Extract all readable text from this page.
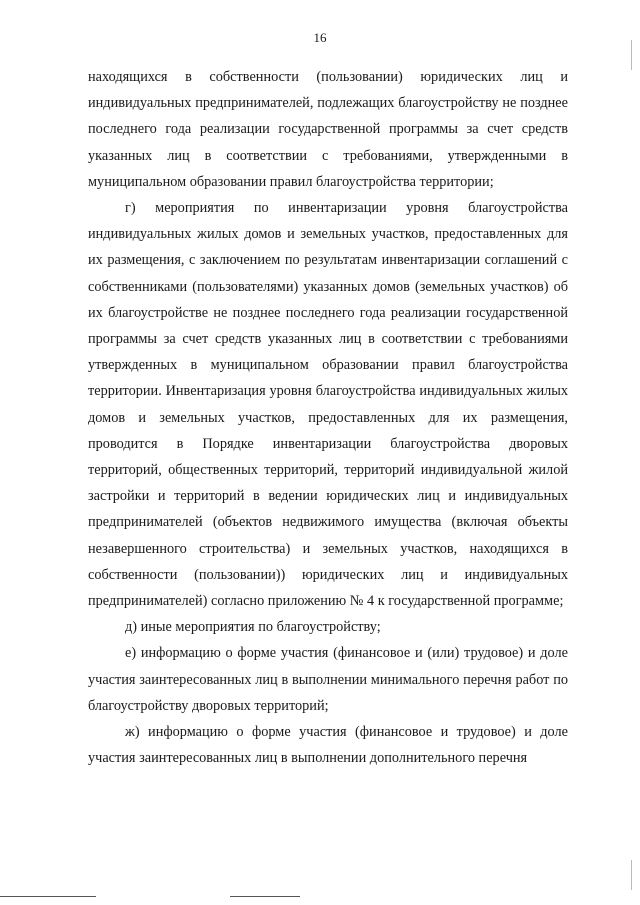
16

находящихся в собственности (пользовании) юридических лиц и индивидуальных предпринимателей, подлежащих благоустройству не позднее последнего года реализации государственной программы за счет средств указанных лиц в соответствии с требованиями, утвержденными в муниципальном образовании правил благоустройства территории;

г) мероприятия по инвентаризации уровня благоустройства индивидуальных жилых домов и земельных участков, предоставленных для их размещения, с заключением по результатам инвентаризации соглашений с собственниками (пользователями) указанных домов (земельных участков) об их благоустройстве не позднее последнего года реализации государственной программы за счет средств указанных лиц в соответствии с требованиями утвержденных в муниципальном образовании правил благоустройства территории. Инвентаризация уровня благоустройства индивидуальных жилых домов и земельных участков, предоставленных для их размещения, проводится в Порядке инвентаризации благоустройства дворовых территорий, общественных территорий, территорий индивидуальной жилой застройки и территорий в ведении юридических лиц и индивидуальных предпринимателей (объектов недвижимого имущества (включая объекты незавершенного строительства) и земельных участков, находящихся в собственности (пользовании)) юридических лиц и индивидуальных предпринимателей) согласно приложению № 4 к государственной программе;

д) иные мероприятия по благоустройству;

е) информацию о форме участия (финансовое и (или) трудовое) и доле участия заинтересованных лиц в выполнении минимального перечня работ по благоустройству дворовых территорий;

ж) информацию о форме участия (финансовое и трудовое) и доле участия заинтересованных лиц в выполнении дополнительного перечня
